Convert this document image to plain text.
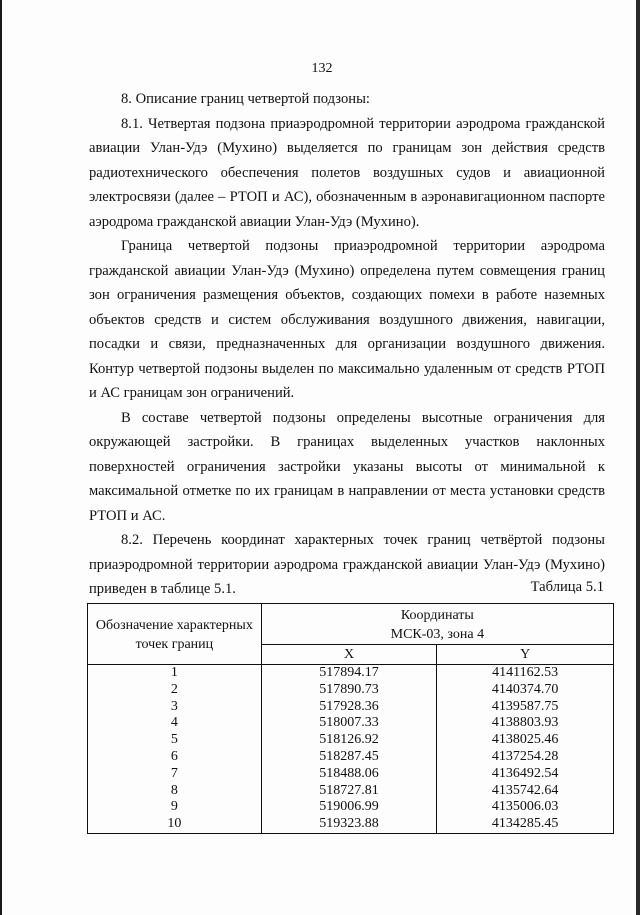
132

8. Описание границ четвертой подзоны:

8.1. Четвертая подзона приаэродромной территории аэродрома гражданской авиации Улан-Удэ (Мухино) выделяется по границам зон действия средств радиотехнического обеспечения полетов воздушных судов и авиационной электросвязи (далее – РТОП и АС), обозначенным в аэронавигационном паспорте аэродрома гражданской авиации Улан-Удэ (Мухино).

Граница четвертой подзоны приаэродромной территории аэродрома гражданской авиации Улан-Удэ (Мухино) определена путем совмещения границ зон ограничения размещения объектов, создающих помехи в работе наземных объектов средств и систем обслуживания воздушного движения, навигации, посадки и связи, предназначенных для организации воздушного движения. Контур четвертой подзоны выделен по максимально удаленным от средств РТОП и АС границам зон ограничений.

В составе четвертой подзоны определены высотные ограничения для окружающей застройки. В границах выделенных участков наклонных поверхностей ограничения застройки указаны высоты от минимальной к максимальной отметке по их границам в направлении от места установки средств РТОП и АС.

8.2. Перечень координат характерных точек границ четвёртой подзоны приаэродромной территории аэродрома гражданской авиации Улан-Удэ (Мухино) приведен в таблице 5.1.	Таблица 5.1
Обозначение характерных точек границ	Координаты
МСК-03, зона 4	

	X	Y
1	517894.17	4141162.53
2	517890.73	4140374.70
3	517928.36	4139587.75
4	518007.33	4138803.93
5	518126.92	4138025.46
6	518287.45	4137254.28
7	518488.06	4136492.54
8	518727.81	4135742.64
9	519006.99	4135006.03
10	519323.88	4134285.45
